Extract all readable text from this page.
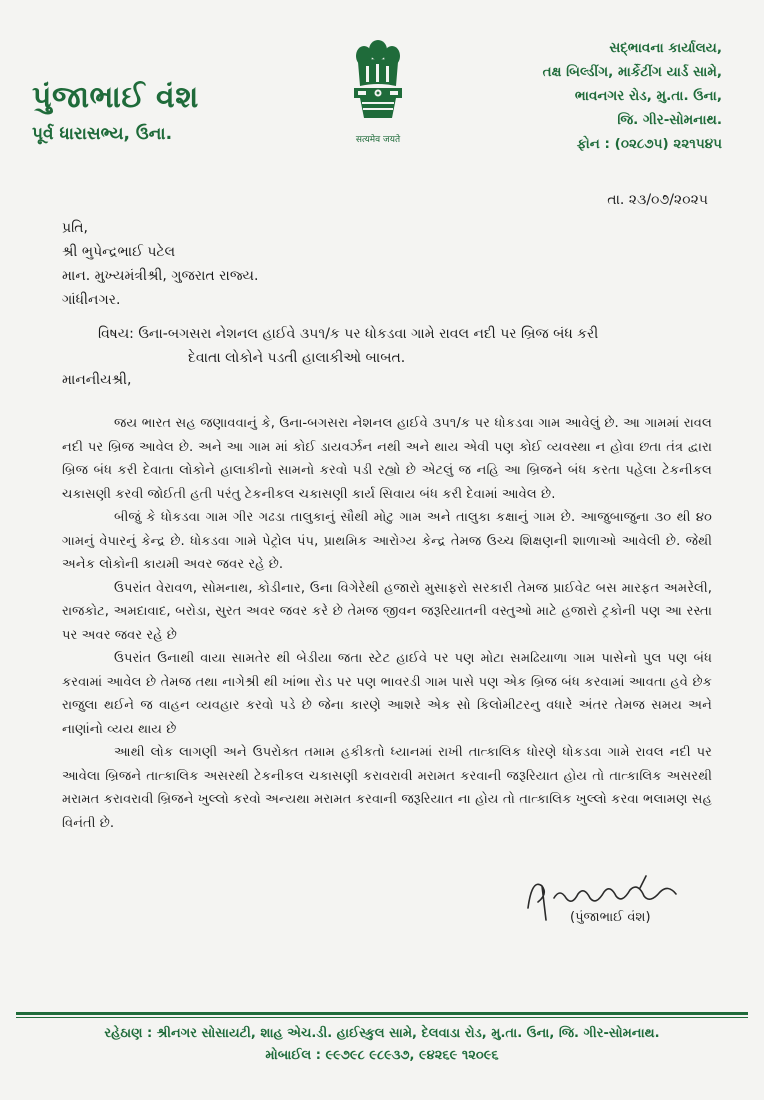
પુંજાભાઈ વંશ
પૂર્વ ધારાસભ્ય, ઉના.	सत्यमेव जयते
સદ્ભાવના કાર્યાલય,
તક્ષ બિલ્ડીંગ, માર્કેટીંગ યાર્ડ સામે,
ભાવનગર રોડ, મુ.તા. ઉના,
જિ. ગીર-સોમનાથ.
ફોન : (૦૨૮૭૫) ૨૨૧૫૪૫
તા. ૨૩/૦૭/૨૦૨૫
પ્રતિ,
શ્રી ભુપેન્દ્રભાઈ પટેલ
માન. મુખ્યમંત્રીશ્રી, ગુજરાત રાજ્ય.
ગાંધીનગર.
વિષય: ઉના-બગસરા નેશનલ હાઈવે ૩૫૧/ક પર ધોકડવા ગામે રાવલ નદી પર બ્રિજ બંધ કરી
દેવાતા લોકોને પડતી હાલાકીઓ બાબત.
માનનીયશ્રી,

જય ભારત સહ જણાવવાનું કે, ઉના-બગસરા નેશનલ હાઈવે ૩૫૧/ક પર ધોકડવા ગામ આવેલું છે. આ ગામમાં રાવલ નદી પર બ્રિજ આવેલ છે. અને આ ગામ માં કોઈ ડાયવર્ઝન નથી અને થાય એવી પણ કોઈ વ્યવસ્થા ન હોવા છતા તંત્ર દ્વારા બ્રિજ બંધ કરી દેવાતા લોકોને હાલાકીનો સામનો કરવો પડી રહ્યો છે એટલું જ નહિ આ બ્રિજને બંધ કરતા પહેલા ટેકનીકલ ચકાસણી કરવી જોઈતી હતી પરંતુ ટેકનીકલ ચકાસણી કાર્ય સિવાય બંધ કરી દેવામાં આવેલ છે.

બીજું કે ધોકડવા ગામ ગીર ગઢડા તાલુકાનું સૌથી મોટુ ગામ અને તાલુકા કક્ષાનું ગામ છે. આજુબાજુના ૩૦ થી ૪૦ ગામનું વેપારનું કેન્દ્ર છે. ધોકડવા ગામે પેટ્રોલ પંપ, પ્રાથમિક આરોગ્ય કેન્દ્ર તેમજ ઉચ્ચ શિક્ષણની શાળાઓ આવેલી છે. જેથી અનેક લોકોની કાયમી અવર જવર રહે છે.

ઉપરાંત વેરાવળ, સોમનાથ, કોડીનાર, ઉના વિગેરેથી હજારો મુસાફરો સરકારી તેમજ પ્રાઈવેટ બસ મારફત અમરેલી, રાજકોટ, અમદાવાદ, બરોડા, સુરત અવર જવર કરે છે તેમજ જીવન જરૂરિયાતની વસ્તુઓ માટે હજારો ટ્રકોની પણ આ રસ્તા પર અવર જવર રહે છે

ઉપરાંત ઉનાથી વાયા સામતેર થી બેડીયા જતા સ્ટેટ હાઈવે પર પણ મોટા સમઢિયાળા ગામ પાસેનો પુલ પણ બંધ કરવામાં આવેલ છે તેમજ તથા નાગેશ્રી થી ખાંભા રોડ પર પણ ભાવરડી ગામ પાસે પણ એક બ્રિજ બંધ કરવામાં આવતા હવે છેક રાજુલા થઈને જ વાહન વ્યવહાર કરવો પડે છે જેના કારણે આશરે એક સો કિલોમીટરનુ વધારે અંતર તેમજ સમય અને નાણાંનો વ્યય થાય છે

આથી લોક લાગણી અને ઉપરોક્ત તમામ હકીકતો ધ્યાનમાં રાખી તાત્કાલિક ધોરણે ધોકડવા ગામે રાવલ નદી પર આવેલા બ્રિજને તાત્કાલિક અસરથી ટેકનીકલ ચકાસણી કરાવરાવી મરામત કરવાની જરૂરિયાત હોય તો તાત્કાલિક અસરથી મરામત કરાવરાવી બ્રિજને ખુલ્લો કરવો અન્યથા મરામત કરવાની જરૂરિયાત ના હોય તો તાત્કાલિક ખુલ્લો કરવા ભલામણ સહ વિનંતી છે.

(પુંજાભાઈ વંશ)
રહેઠાણ : શ્રીનગર સોસાયટી, શાહ એચ.ડી. હાઈસ્કુલ સામે, દેલવાડા રોડ, મુ.તા. ઉના, જિ. ગીર-સોમનાથ.
મોબાઈલ : ૯૯૭૯૮ ૯૮૯૩૭, ૯૪૨૬૯ ૧૨૦૯૬
